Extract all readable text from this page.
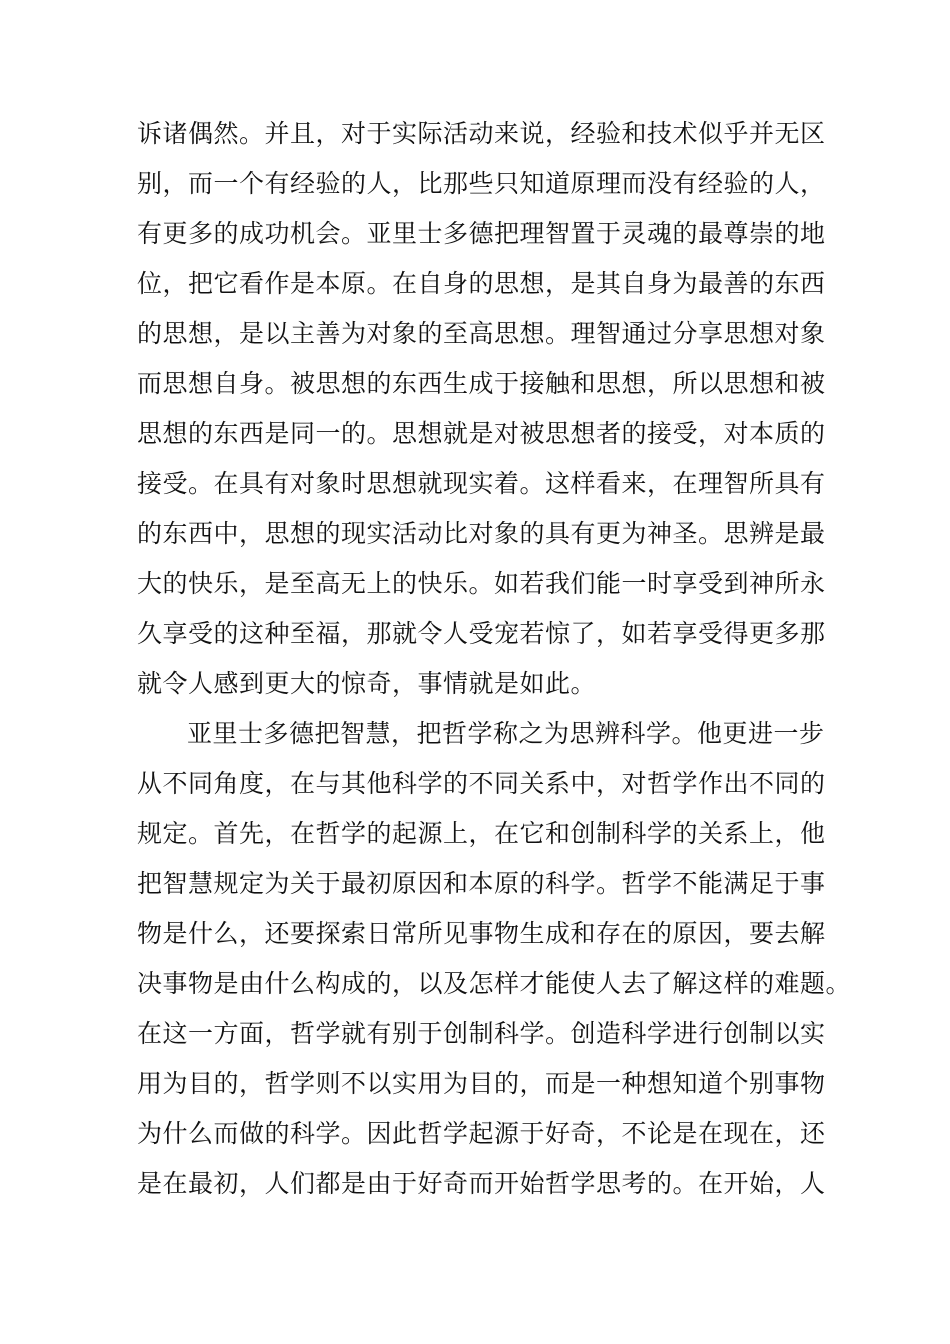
诉诸偶然。并且，对于实际活动来说，经验和技术似乎并无区
别，而一个有经验的人，比那些只知道原理而没有经验的人，
有更多的成功机会。亚里士多德把理智置于灵魂的最尊崇的地
位，把它看作是本原。在自身的思想，是其自身为最善的东西
的思想，是以主善为对象的至高思想。理智通过分享思想对象
而思想自身。被思想的东西生成于接触和思想，所以思想和被
思想的东西是同一的。思想就是对被思想者的接受，对本质的
接受。在具有对象时思想就现实着。这样看来，在理智所具有
的东西中，思想的现实活动比对象的具有更为神圣。思辨是最
大的快乐，是至高无上的快乐。如若我们能一时享受到神所永
久享受的这种至福，那就令人受宠若惊了，如若享受得更多那
就令人感到更大的惊奇，事情就是如此。
亚里士多德把智慧，把哲学称之为思辨科学。他更进一步
从不同角度，在与其他科学的不同关系中，对哲学作出不同的
规定。首先，在哲学的起源上，在它和创制科学的关系上，他
把智慧规定为关于最初原因和本原的科学。哲学不能满足于事
物是什么，还要探索日常所见事物生成和存在的原因，要去解
决事物是由什么构成的，以及怎样才能使人去了解这样的难题。
在这一方面，哲学就有别于创制科学。创造科学进行创制以实
用为目的，哲学则不以实用为目的，而是一种想知道个别事物
为什么而做的科学。因此哲学起源于好奇，不论是在现在，还
是在最初，人们都是由于好奇而开始哲学思考的。在开始，人
